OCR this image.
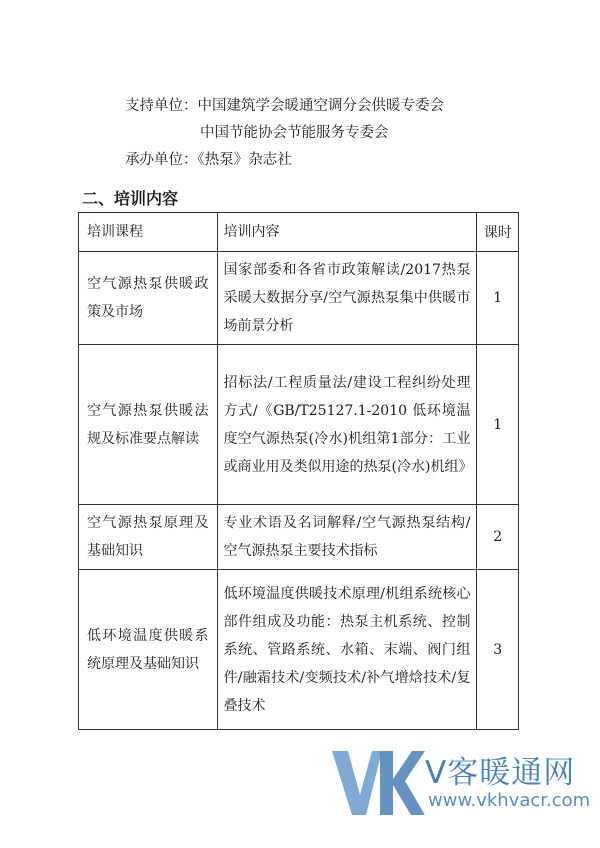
支持单位：中国建筑学会暖通空调分会供暖专委会
中国节能协会节能服务专委会
承办单位：《热泵》杂志社
二、培训内容
培训课程	培训内容	课时
空气源热泵供暖政策及市场	国家部委和各省市政策解读/2017热泵采暖大数据分享/空气源热泵集中供暖市场前景分析	1
空气源热泵供暖法规及标准要点解读	招标法/工程质量法/建设工程纠纷处理方式/《GB/T25127.1-2010 低环境温度空气源热泵(冷水)机组第1部分：工业或商业用及类似用途的热泵(冷水)机组》	1
空气源热泵原理及基础知识	专业术语及名词解释/空气源热泵结构/空气源热泵主要技术指标	2
低环境温度供暖系统原理及基础知识	低环境温度供暖技术原理/机组系统核心部件组成及功能：热泵主机系统、控制系统、管路系统、水箱、末端、阀门组件/融霜技术/变频技术/补气增焓技术/复叠技术	3
V客暖通网
www.vkhvacr.com
